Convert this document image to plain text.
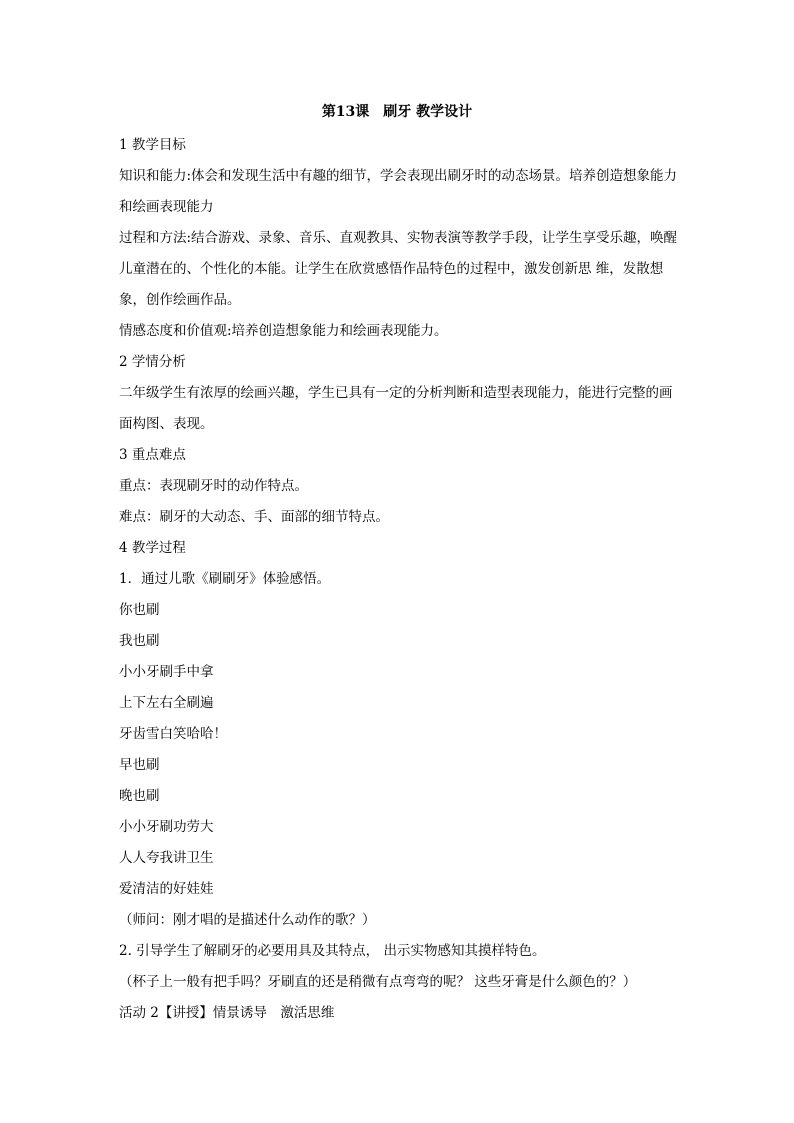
第13课　刷牙 教学设计
1 教学目标
知识和能力:体会和发现生活中有趣的细节，学会表现出刷牙时的动态场景。培养创造想象能力和绘画表现能力
过程和方法:结合游戏、录象、音乐、直观教具、实物表演等教学手段，让学生享受乐趣，唤醒儿童潜在的、个性化的本能。让学生在欣赏感悟作品特色的过程中，激发创新思 维，发散想象，创作绘画作品。
情感态度和价值观:培养创造想象能力和绘画表现能力。
2 学情分析
二年级学生有浓厚的绘画兴趣，学生已具有一定的分析判断和造型表现能力，能进行完整的画面构图、表现。
3 重点难点
重点：表现刷牙时的动作特点。
难点：刷牙的大动态、手、面部的细节特点。
4 教学过程
1．通过儿歌《刷刷牙》体验感悟。
你也刷
我也刷
小小牙刷手中拿
上下左右全刷遍
牙齿雪白笑哈哈！
早也刷
晚也刷
小小牙刷功劳大
人人夸我讲卫生
爱清洁的好娃娃
（师问：刚才唱的是描述什么动作的歌？）
2. 引导学生了解刷牙的必要用具及其特点， 出示实物感知其摸样特色。
（杯子上一般有把手吗？牙刷直的还是稍微有点弯弯的呢？ 这些牙膏是什么颜色的？）
活动 2【讲授】情景诱导　激活思维
